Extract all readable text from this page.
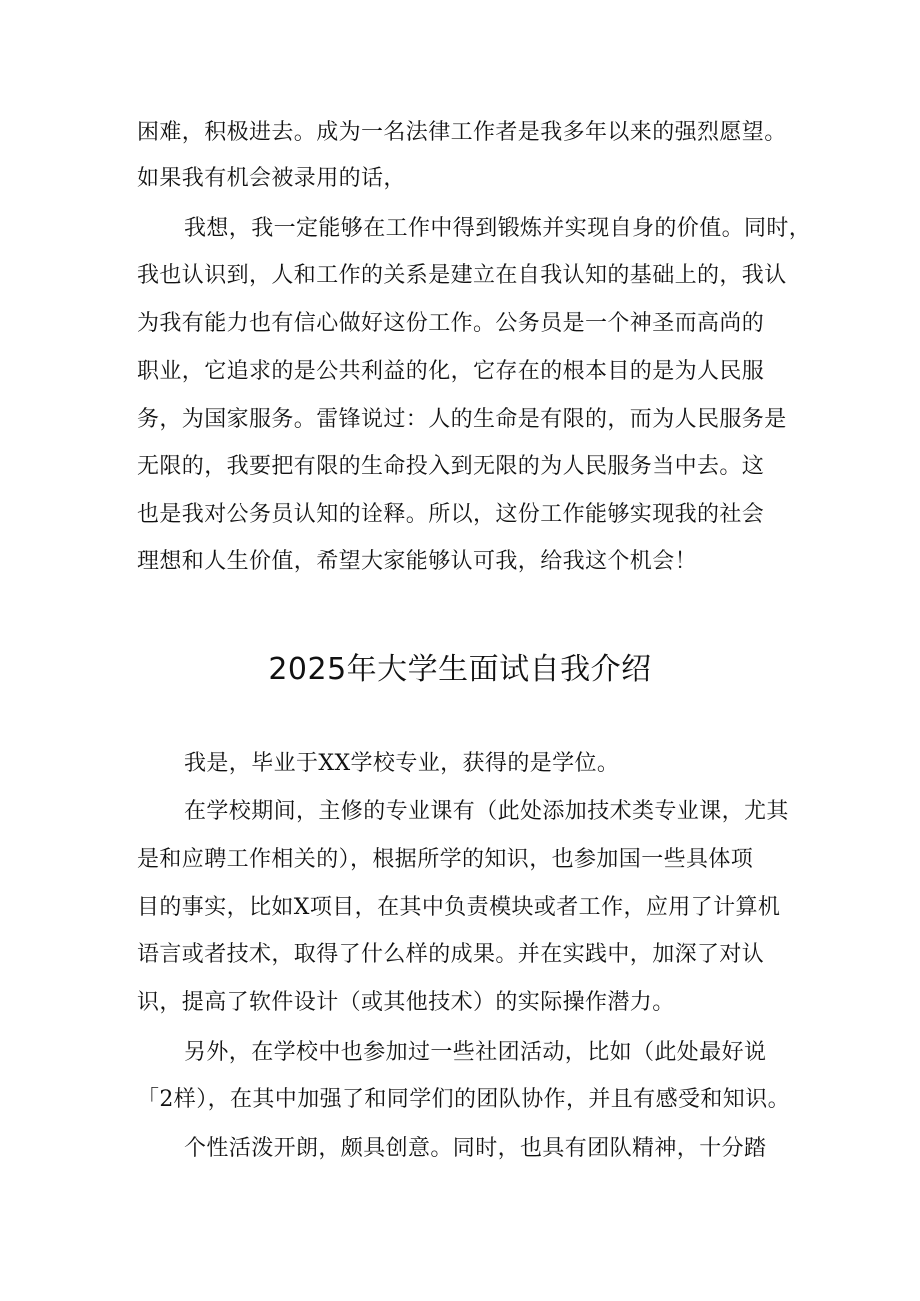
困难，积极进去。成为一名法律工作者是我多年以来的强烈愿望。
如果我有机会被录用的话，
我想，我一定能够在工作中得到锻炼并实现自身的价值。同时，
我也认识到，人和工作的关系是建立在自我认知的基础上的，我认
为我有能力也有信心做好这份工作。公务员是一个神圣而高尚的
职业，它追求的是公共利益的化，它存在的根本目的是为人民服
务，为国家服务。雷锋说过：人的生命是有限的，而为人民服务是
无限的，我要把有限的生命投入到无限的为人民服务当中去。这
也是我对公务员认知的诠释。所以，这份工作能够实现我的社会
理想和人生价值，希望大家能够认可我，给我这个机会！
2025年大学生面试自我介绍
我是，毕业于XX学校专业，获得的是学位。
在学校期间，主修的专业课有（此处添加技术类专业课，尤其
是和应聘工作相关的），根据所学的知识，也参加国一些具体项
目的事实，比如X项目，在其中负责模块或者工作，应用了计算机
语言或者技术，取得了什么样的成果。并在实践中，加深了对认
识，提高了软件设计（或其他技术）的实际操作潜力。
另外，在学校中也参加过一些社团活动，比如（此处最好说
「2样），在其中加强了和同学们的团队协作，并且有感受和知识。
个性活泼开朗，颇具创意。同时，也具有团队精神，十分踏
